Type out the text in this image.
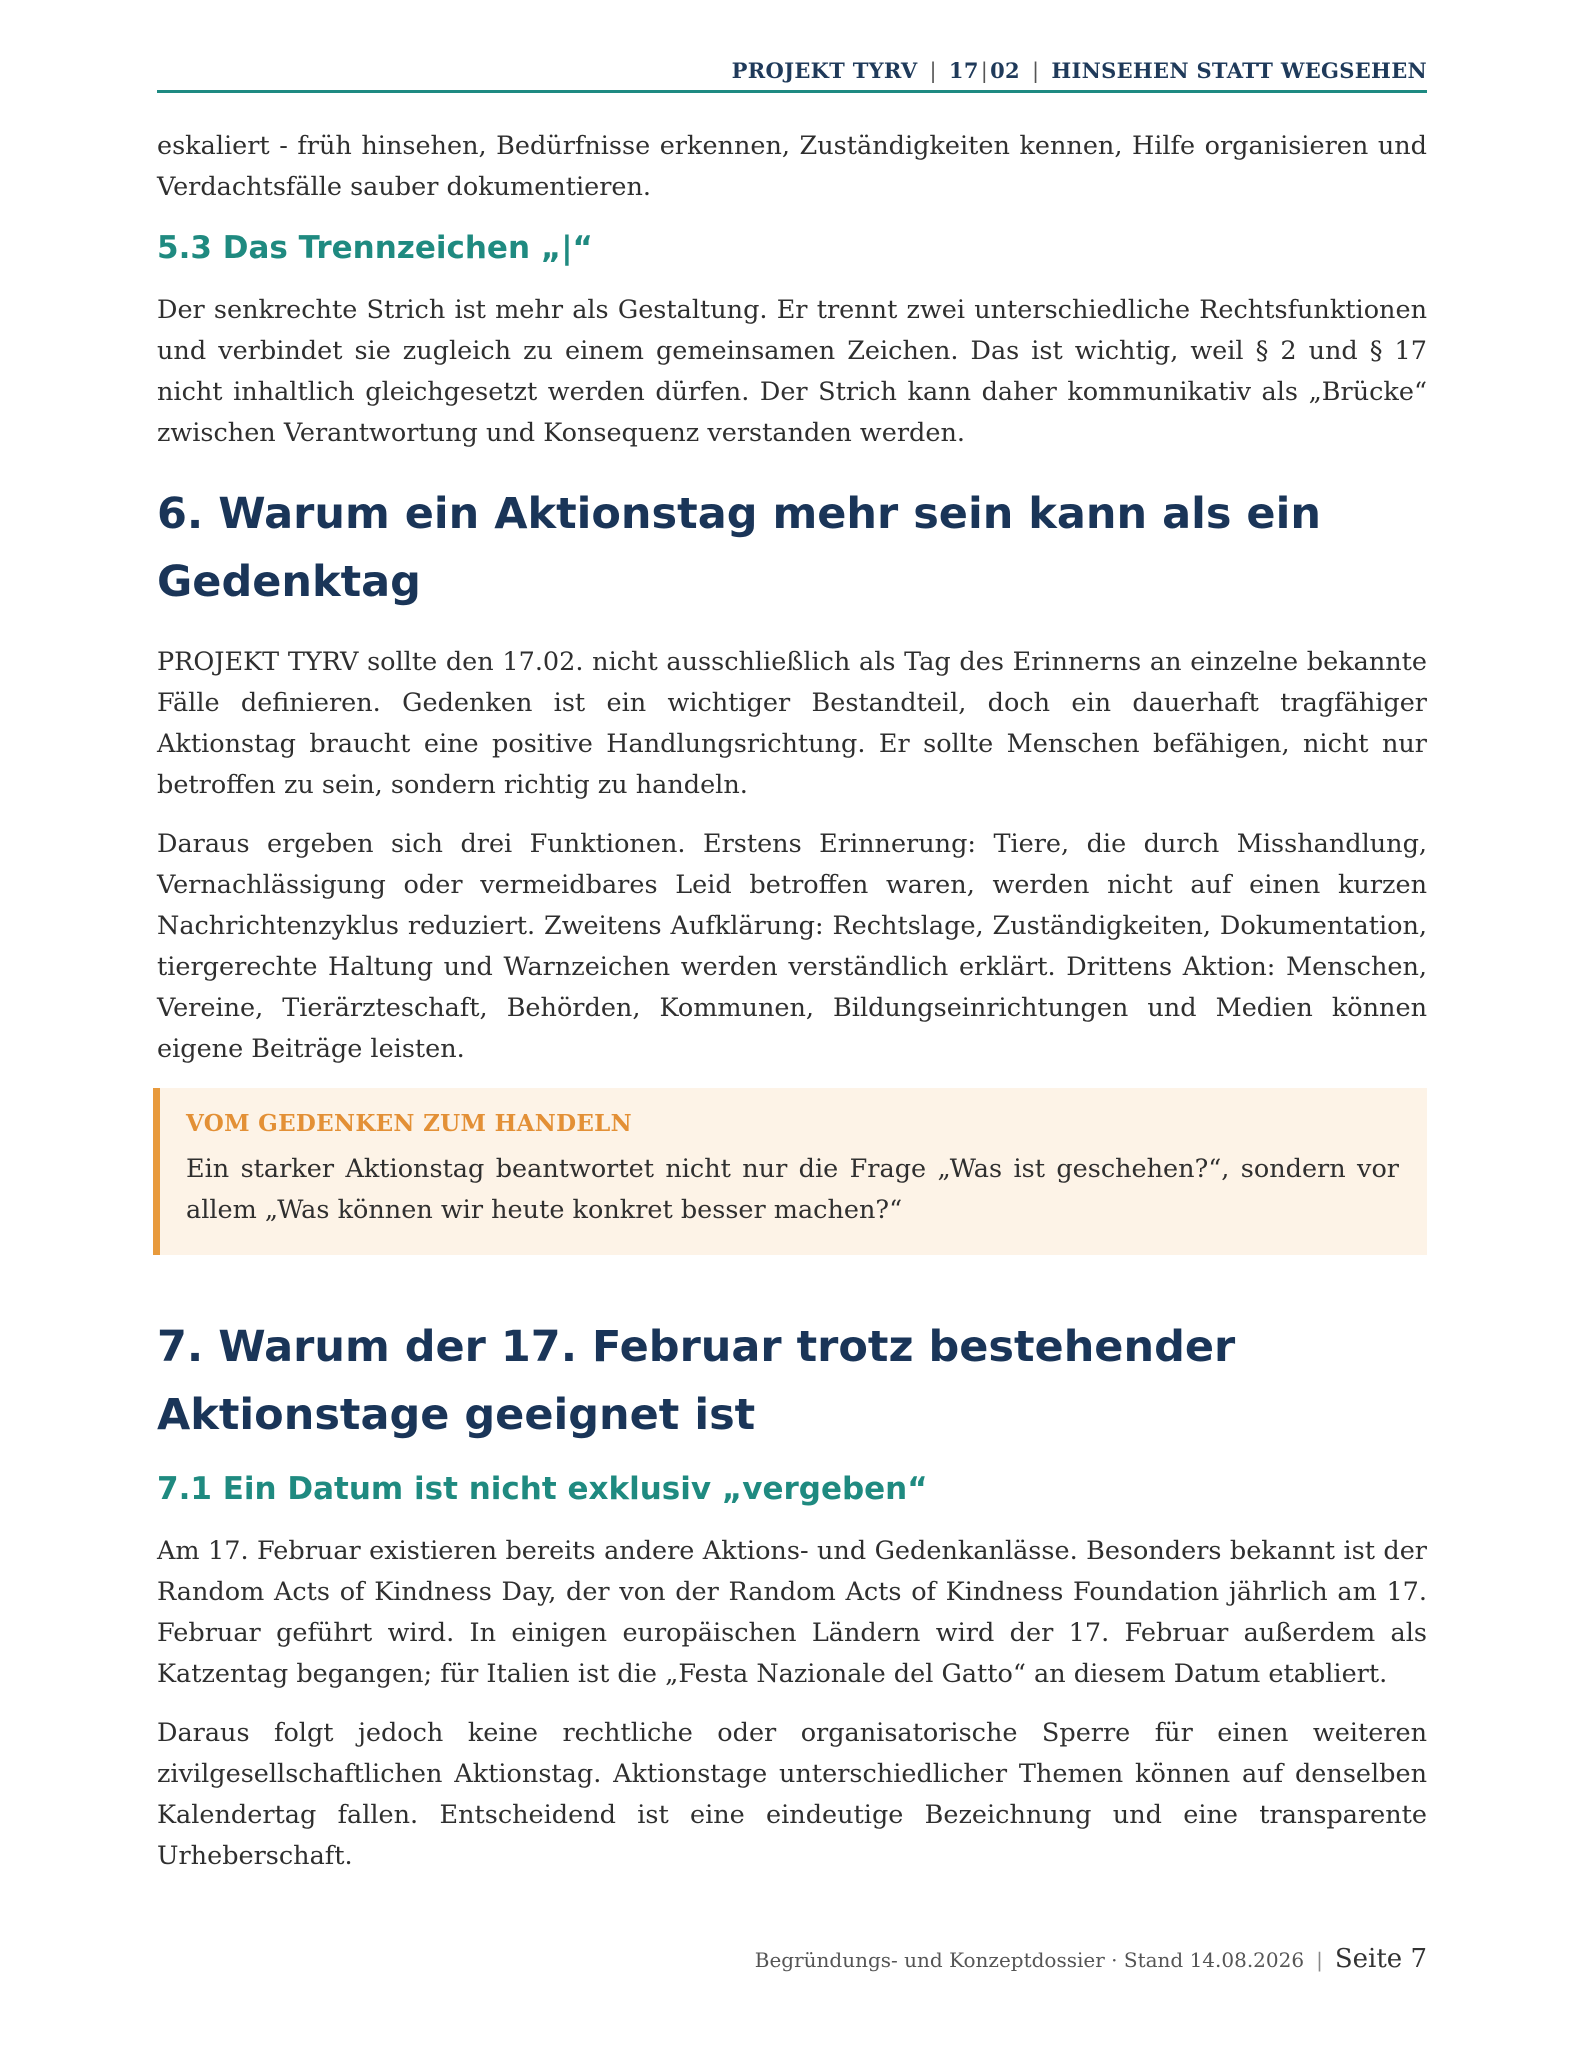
PROJEKT TYRV | 17|02 | HINSEHEN STATT WEGSEHEN

eskaliert - früh hinsehen, Bedürfnisse erkennen, Zuständigkeiten kennen, Hilfe organisieren und Verdachtsfälle sauber dokumentieren.

5.3 Das Trennzeichen „|“

Der senkrechte Strich ist mehr als Gestaltung. Er trennt zwei unterschiedliche Rechtsfunktionen und verbindet sie zugleich zu einem gemeinsamen Zeichen. Das ist wichtig, weil § 2 und § 17 nicht inhaltlich gleichgesetzt werden dürfen. Der Strich kann daher kommunikativ als „Brücke“ zwischen Verantwortung und Konsequenz verstanden werden.

6. Warum ein Aktionstag mehr sein kann als ein Gedenktag

PROJEKT TYRV sollte den 17.02. nicht ausschließlich als Tag des Erinnerns an einzelne bekannte Fälle definieren. Gedenken ist ein wichtiger Bestandteil, doch ein dauerhaft tragfähiger Aktionstag braucht eine positive Handlungsrichtung. Er sollte Menschen befähigen, nicht nur betroffen zu sein, sondern richtig zu handeln.

Daraus ergeben sich drei Funktionen. Erstens Erinnerung: Tiere, die durch Misshandlung, Vernachlässigung oder vermeidbares Leid betroffen waren, werden nicht auf einen kurzen Nachrichtenzyklus reduziert. Zweitens Aufklärung: Rechtslage, Zuständigkeiten, Dokumentation, tiergerechte Haltung und Warnzeichen werden verständlich erklärt. Drittens Aktion: Menschen, Vereine, Tierärzteschaft, Behörden, Kommunen, Bildungseinrichtungen und Medien können eigene Beiträge leisten.

VOM GEDENKEN ZUM HANDELN
Ein starker Aktionstag beantwortet nicht nur die Frage „Was ist geschehen?“, sondern vor allem „Was können wir heute konkret besser machen?“
7. Warum der 17. Februar trotz bestehender Aktionstage geeignet ist
7.1 Ein Datum ist nicht exklusiv „vergeben“

Am 17. Februar existieren bereits andere Aktions- und Gedenkanlässe. Besonders bekannt ist der Random Acts of Kindness Day, der von der Random Acts of Kindness Foundation jährlich am 17. Februar geführt wird. In einigen europäischen Ländern wird der 17. Februar außerdem als Katzentag begangen; für Italien ist die „Festa Nazionale del Gatto“ an diesem Datum etabliert.

Daraus folgt jedoch keine rechtliche oder organisatorische Sperre für einen weiteren zivilgesellschaftlichen Aktionstag. Aktionstage unterschiedlicher Themen können auf denselben Kalendertag fallen. Entscheidend ist eine eindeutige Bezeichnung und eine transparente Urheberschaft.

Begründungs- und Konzeptdossier · Stand 14.08.2026 | Seite 7
